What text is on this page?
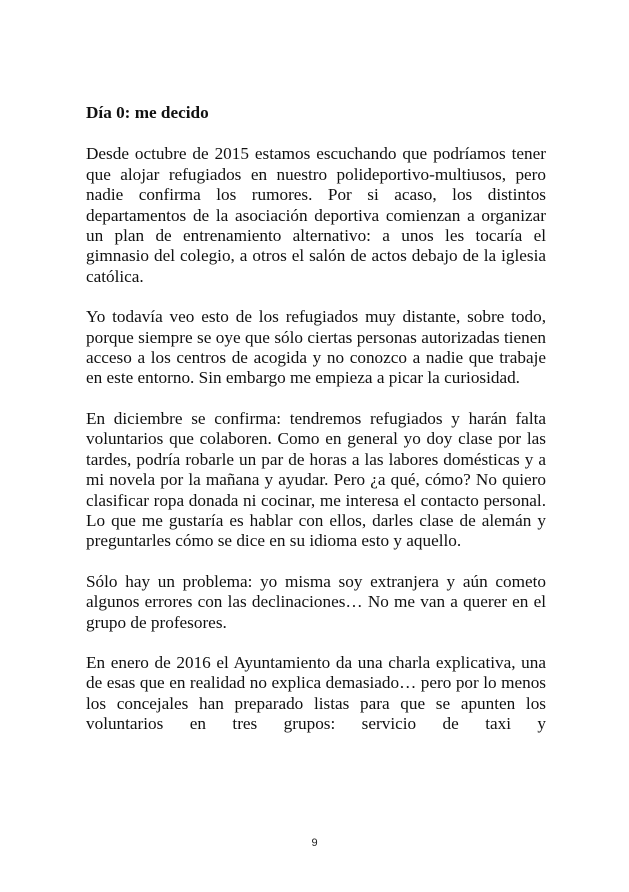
Día 0: me decido

Desde octubre de 2015 estamos escuchando que podríamos tener que alojar refugiados en nuestro polideportivo-multiusos, pero nadie confirma los rumores. Por si acaso, los distintos departamentos de la asociación deportiva comienzan a organizar un plan de entrenamiento alternativo: a unos les tocaría el gimnasio del colegio, a otros el salón de actos debajo de la iglesia católica.

Yo todavía veo esto de los refugiados muy distante, sobre todo, porque siempre se oye que sólo ciertas personas autorizadas tienen acceso a los centros de acogida y no conozco a nadie que trabaje en este entorno. Sin embargo me empieza a picar la curiosidad.

En diciembre se confirma: tendremos refugiados y harán falta voluntarios que colaboren. Como en general yo doy clase por las tardes, podría robarle un par de horas a las labores domésticas y a mi novela por la mañana y ayudar. Pero ¿a qué, cómo? No quiero clasificar ropa donada ni cocinar, me interesa el contacto personal. Lo que me gustaría es hablar con ellos, darles clase de alemán y preguntarles cómo se dice en su idioma esto y aquello.

Sólo hay un problema: yo misma soy extranjera y aún cometo algunos errores con las declinaciones… No me van a querer en el grupo de profesores.

En enero de 2016 el Ayuntamiento da una charla explicativa, una de esas que en realidad no explica demasiado… pero por lo menos los concejales han preparado listas para que se apunten los voluntarios en tres grupos: servicio de taxi y

9
